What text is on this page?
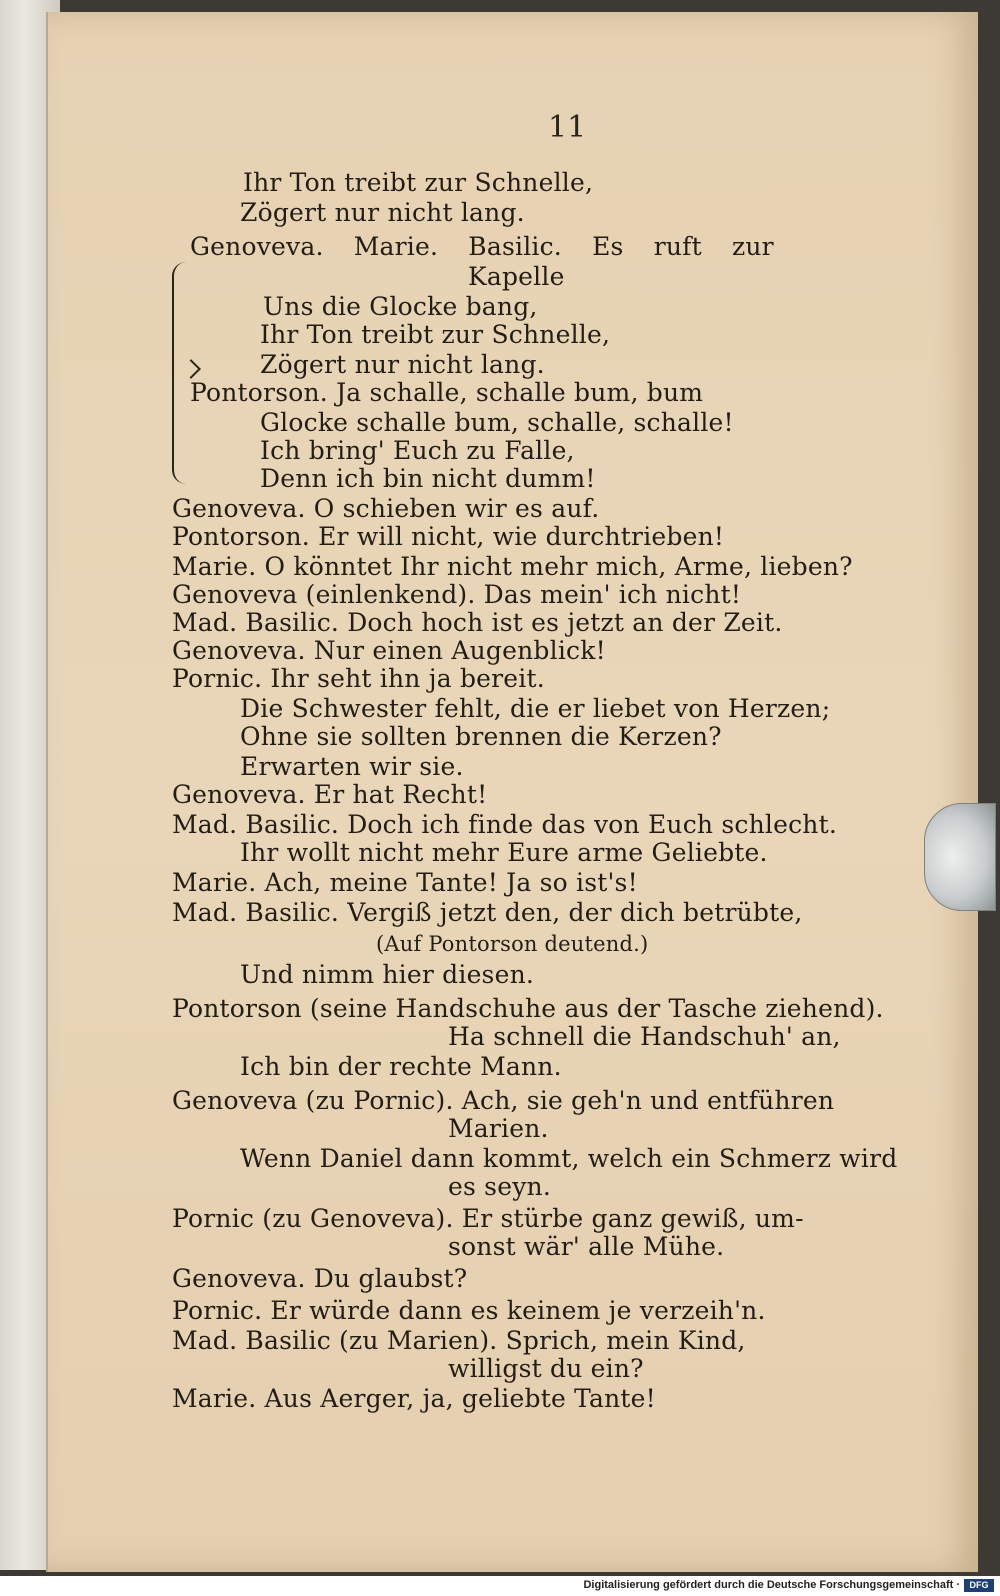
11
Ihr Ton treibt zur Schnelle,
Zögert nur nicht lang.
Genoveva. Marie. Basilic. Es ruft zur
Kapelle
Uns die Glocke bang,
Ihr Ton treibt zur Schnelle,
Zögert nur nicht lang.
Pontorson. Ja schalle, schalle bum, bum
Glocke schalle bum, schalle, schalle!
Ich bring' Euch zu Falle,
Denn ich bin nicht dumm!
Genoveva. O schieben wir es auf.
Pontorson. Er will nicht, wie durchtrieben!
Marie. O könntet Ihr nicht mehr mich, Arme, lieben?
Genoveva (einlenkend). Das mein' ich nicht!
Mad. Basilic. Doch hoch ist es jetzt an der Zeit.
Genoveva. Nur einen Augenblick!
Pornic. Ihr seht ihn ja bereit.
Die Schwester fehlt, die er liebet von Herzen;
Ohne sie sollten brennen die Kerzen?
Erwarten wir sie.
Genoveva. Er hat Recht!
Mad. Basilic. Doch ich finde das von Euch schlecht.
Ihr wollt nicht mehr Eure arme Geliebte.
Marie. Ach, meine Tante! Ja so ist's!
Mad. Basilic. Vergiß jetzt den, der dich betrübte,
(Auf Pontorson deutend.)
Und nimm hier diesen.
Pontorson (seine Handschuhe aus der Tasche ziehend).
Ha schnell die Handschuh' an,
Ich bin der rechte Mann.
Genoveva (zu Pornic). Ach, sie geh'n und entführen
Marien.
Wenn Daniel dann kommt, welch ein Schmerz wird
es seyn.
Pornic (zu Genoveva). Er stürbe ganz gewiß, um-
sonst wär' alle Mühe.
Genoveva. Du glaubst?
Pornic. Er würde dann es keinem je verzeih'n.
Mad. Basilic (zu Marien). Sprich, mein Kind,
willigst du ein?
Marie. Aus Aerger, ja, geliebte Tante!
Digitalisierung gefördert durch die Deutsche Forschungsgemeinschaft ·	DFG
